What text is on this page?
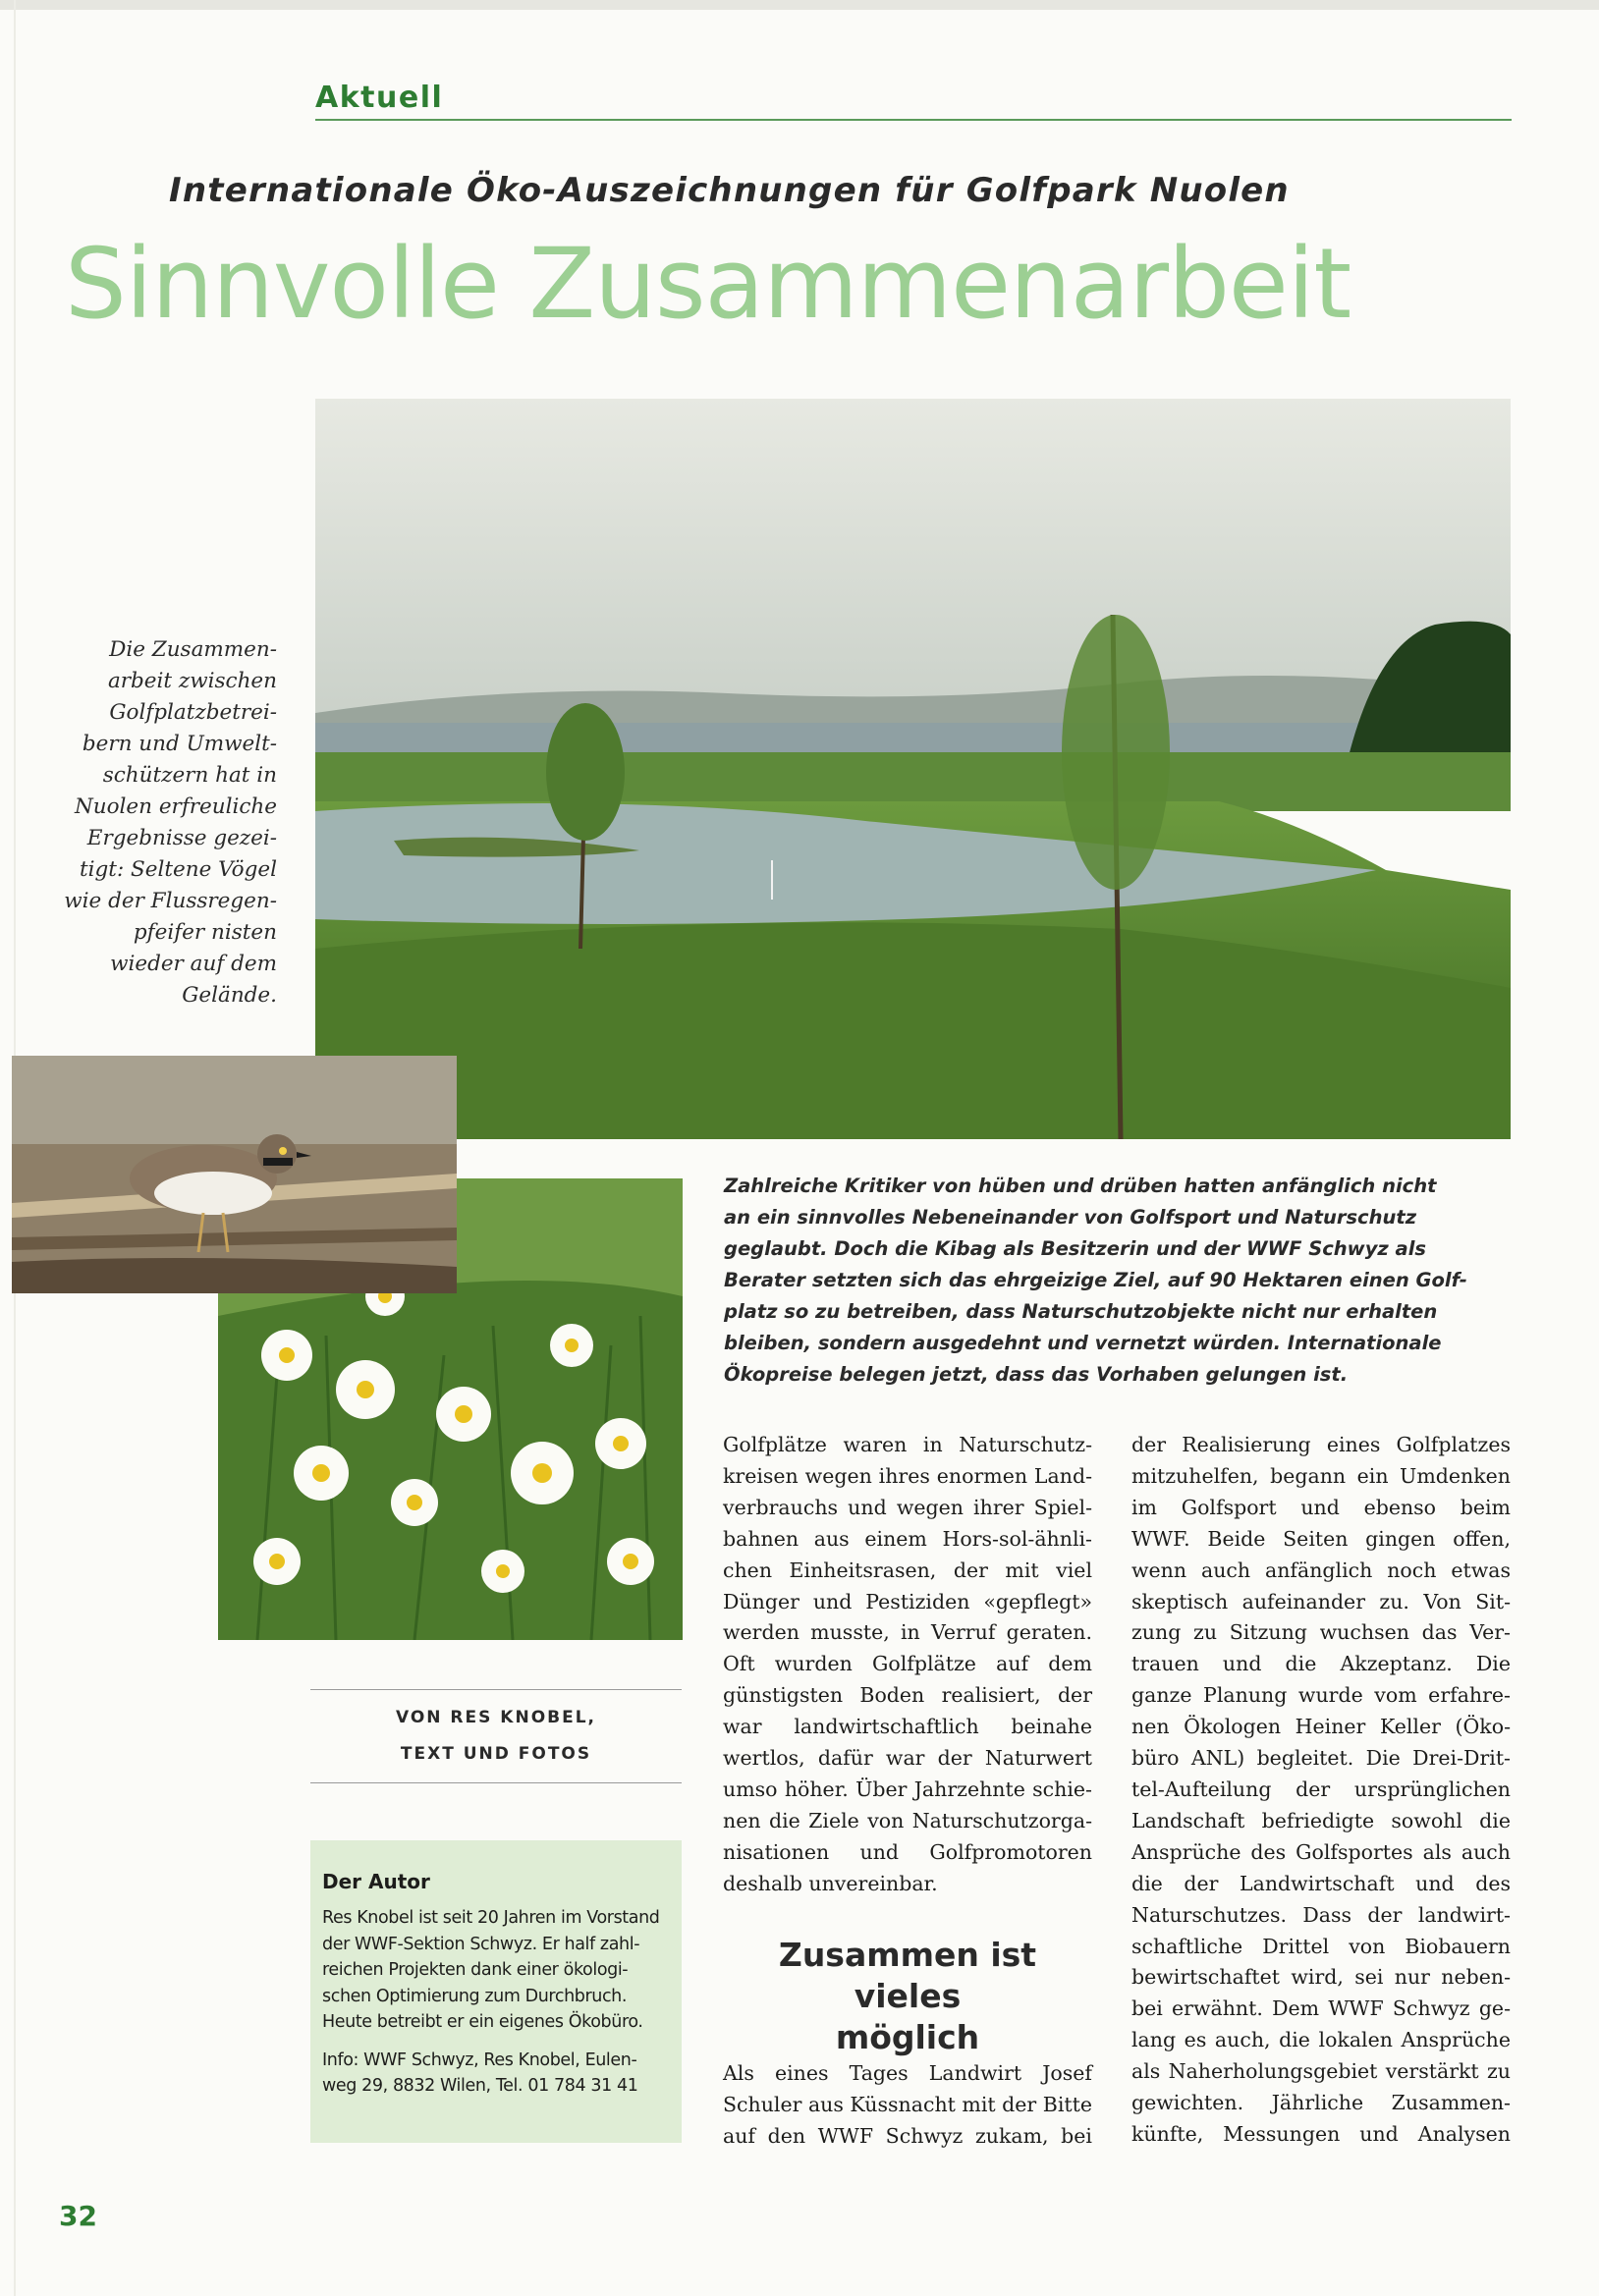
Aktuell
Internationale Öko-Auszeichnungen für Golfpark Nuolen
Sinnvolle Zusammenarbeit
Die Zusammen-
arbeit zwischen
Golfplatzbetrei-
bern und Umwelt-
schützern hat in
Nuolen erfreuliche
Ergebnisse gezei-
tigt: Seltene Vögel
wie der Flussregen-
pfeifer nisten
wieder auf dem
Gelände.
Zahlreiche Kritiker von hüben und drüben hatten anfänglich nicht
an ein sinnvolles Nebeneinander von Golfsport und Naturschutz
geglaubt. Doch die Kibag als Besitzerin und der WWF Schwyz als
Berater setzten sich das ehrgeizige Ziel, auf 90 Hektaren einen Golf-
platz so zu betreiben, dass Naturschutzobjekte nicht nur erhalten
bleiben, sondern ausgedehnt und vernetzt würden. Internationale
Ökopreise belegen jetzt, dass das Vorhaben gelungen ist.
VON RES KNOBEL,
TEXT UND FOTOS
Der Autor
Res Knobel ist seit 20 Jahren im Vorstand
der WWF-Sektion Schwyz. Er half zahl-
reichen Projekten dank einer ökologi-
schen Optimierung zum Durchbruch.
Heute betreibt er ein eigenes Ökobüro.
Info: WWF Schwyz, Res Knobel, Eulen-
weg 29, 8832 Wilen, Tel. 01 784 31 41
Golfplätze waren in Naturschutz-
kreisen wegen ihres enormen Land-
verbrauchs und wegen ihrer Spiel-
bahnen aus einem Hors-sol-ähnli-
chen Einheitsrasen, der mit viel
Dünger und Pestiziden «gepflegt»
werden musste, in Verruf geraten.
Oft wurden Golfplätze auf dem
günstigsten Boden realisiert, der
war landwirtschaftlich beinahe
wertlos, dafür war der Naturwert
umso höher. Über Jahrzehnte schie-
nen die Ziele von Naturschutzorga-
nisationen und Golfpromotoren
deshalb unvereinbar.
Zusammen ist vieles
möglich
Als eines Tages Landwirt Josef
Schuler aus Küssnacht mit der Bitte
auf den WWF Schwyz zukam, bei
der Realisierung eines Golfplatzes
mitzuhelfen, begann ein Umdenken
im Golfsport und ebenso beim
WWF. Beide Seiten gingen offen,
wenn auch anfänglich noch etwas
skeptisch aufeinander zu. Von Sit-
zung zu Sitzung wuchsen das Ver-
trauen und die Akzeptanz. Die
ganze Planung wurde vom erfahre-
nen Ökologen Heiner Keller (Öko-
büro ANL) begleitet. Die Drei-Drit-
tel-Aufteilung der ursprünglichen
Landschaft befriedigte sowohl die
Ansprüche des Golfsportes als auch
die der Landwirtschaft und des
Naturschutzes. Dass der landwirt-
schaftliche Drittel von Biobauern
bewirtschaftet wird, sei nur neben-
bei erwähnt. Dem WWF Schwyz ge-
lang es auch, die lokalen Ansprüche
als Naherholungsgebiet verstärkt zu
gewichten. Jährliche Zusammen-
künfte, Messungen und Analysen
32
